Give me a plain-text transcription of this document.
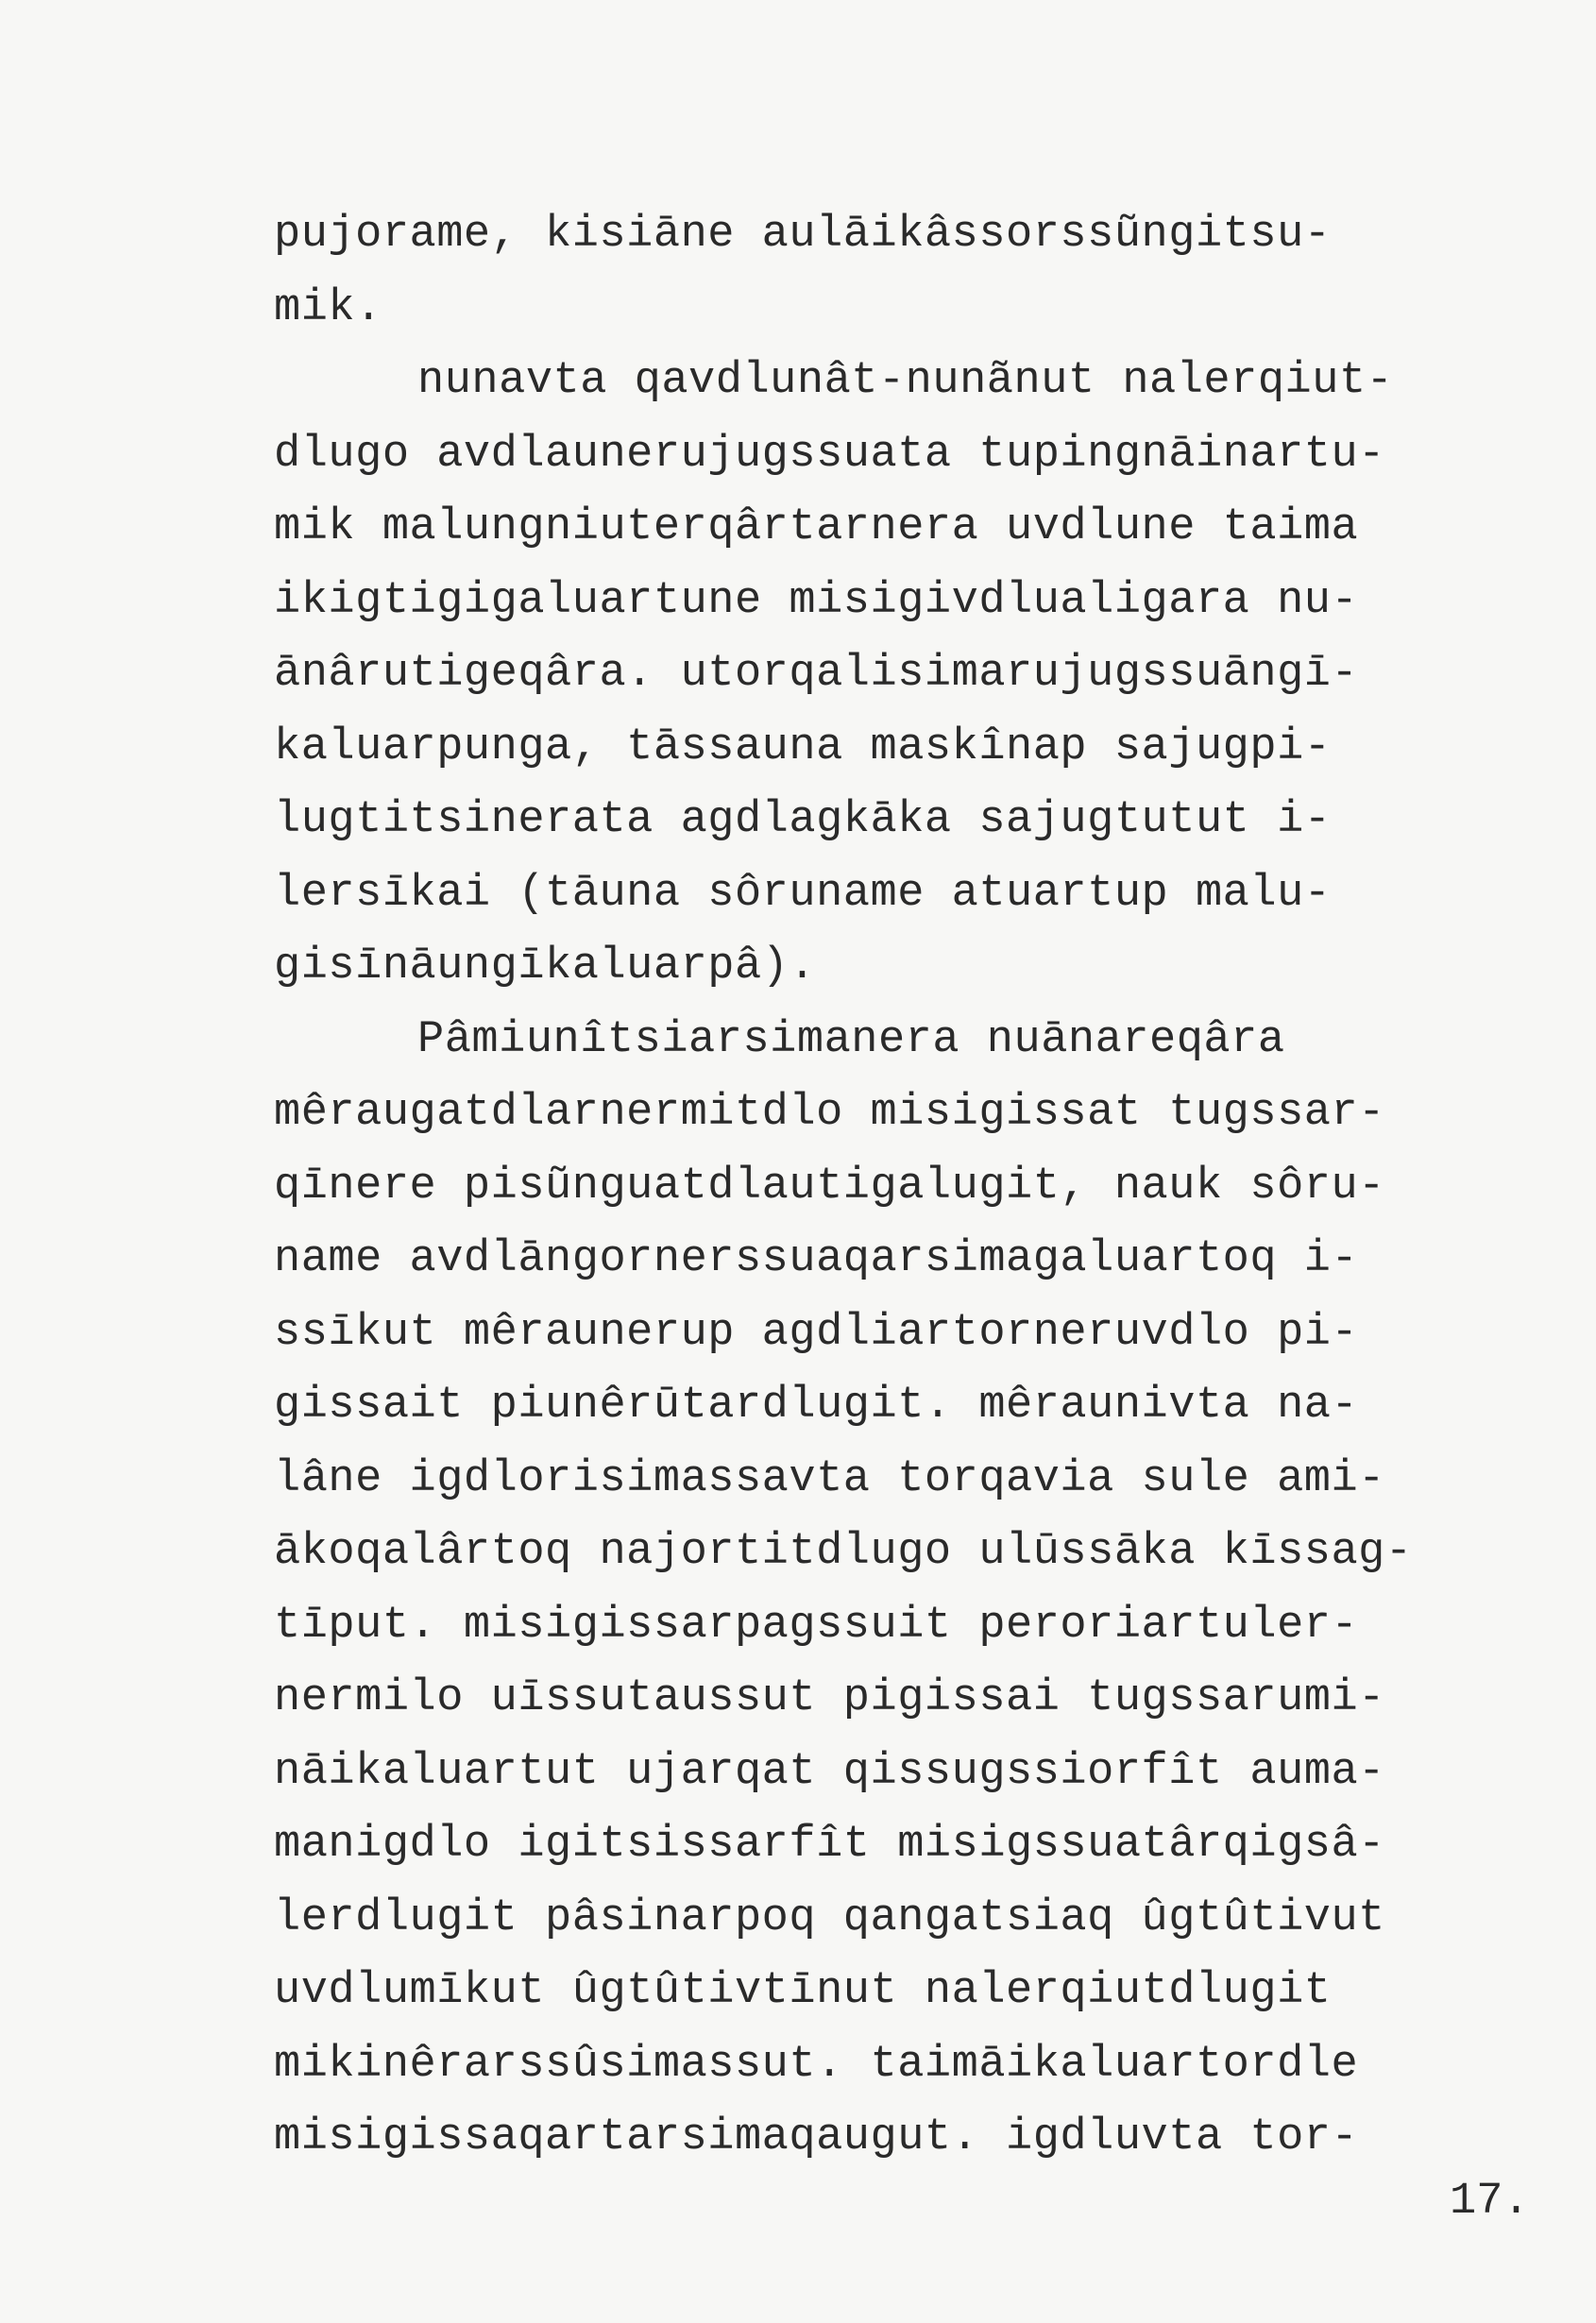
pujorame, kisiāne aulāikâssorssũngitsu-
mik.
nunavta qavdlunât-nunãnut nalerqiut-
dlugo avdlaunerujugssuata tupingnāinartu-
mik malungniuterqârtarnera uvdlune taima
ikigtigigaluartune misigivdlualigara nu-
ānârutigeqâra. utorqalisimarujugssuāngī-
kaluarpunga, tāssauna maskînap sajugpi-
lugtitsinerata agdlagkāka sajugtutut i-
lersīkai (tāuna sôruname atuartup malu-
gisīnāungīkaluarpâ).
Pâmiunîtsiarsimanera nuānareqâra
mêraugatdlarnermitdlo misigissat tugssar-
qīnere pisũnguatdlautigalugit, nauk sôru-
name avdlāngornerssuaqarsimagaluartoq i-
ssīkut mêraunerup agdliartorneruvdlo pi-
gissait piunêrūtardlugit. mêraunivta na-
lâne igdlorisimassavta torqavia sule ami-
ākoqalârtoq najortitdlugo ulūssāka kīssag-
tīput. misigissarpagssuit peroriartuler-
nermilo uīssutaussut pigissai tugssarumi-
nāikaluartut ujarqat qissugssiorfît auma-
manigdlo igitsissarfît misigssuatârqigsâ-
lerdlugit pâsinarpoq qangatsiaq ûgtûtivut
uvdlumīkut ûgtûtivtīnut nalerqiutdlugit
mikinêrarssûsimassut. taimāikaluartordle
misigissaqartarsimaqaugut. igdluvta tor-
17.
